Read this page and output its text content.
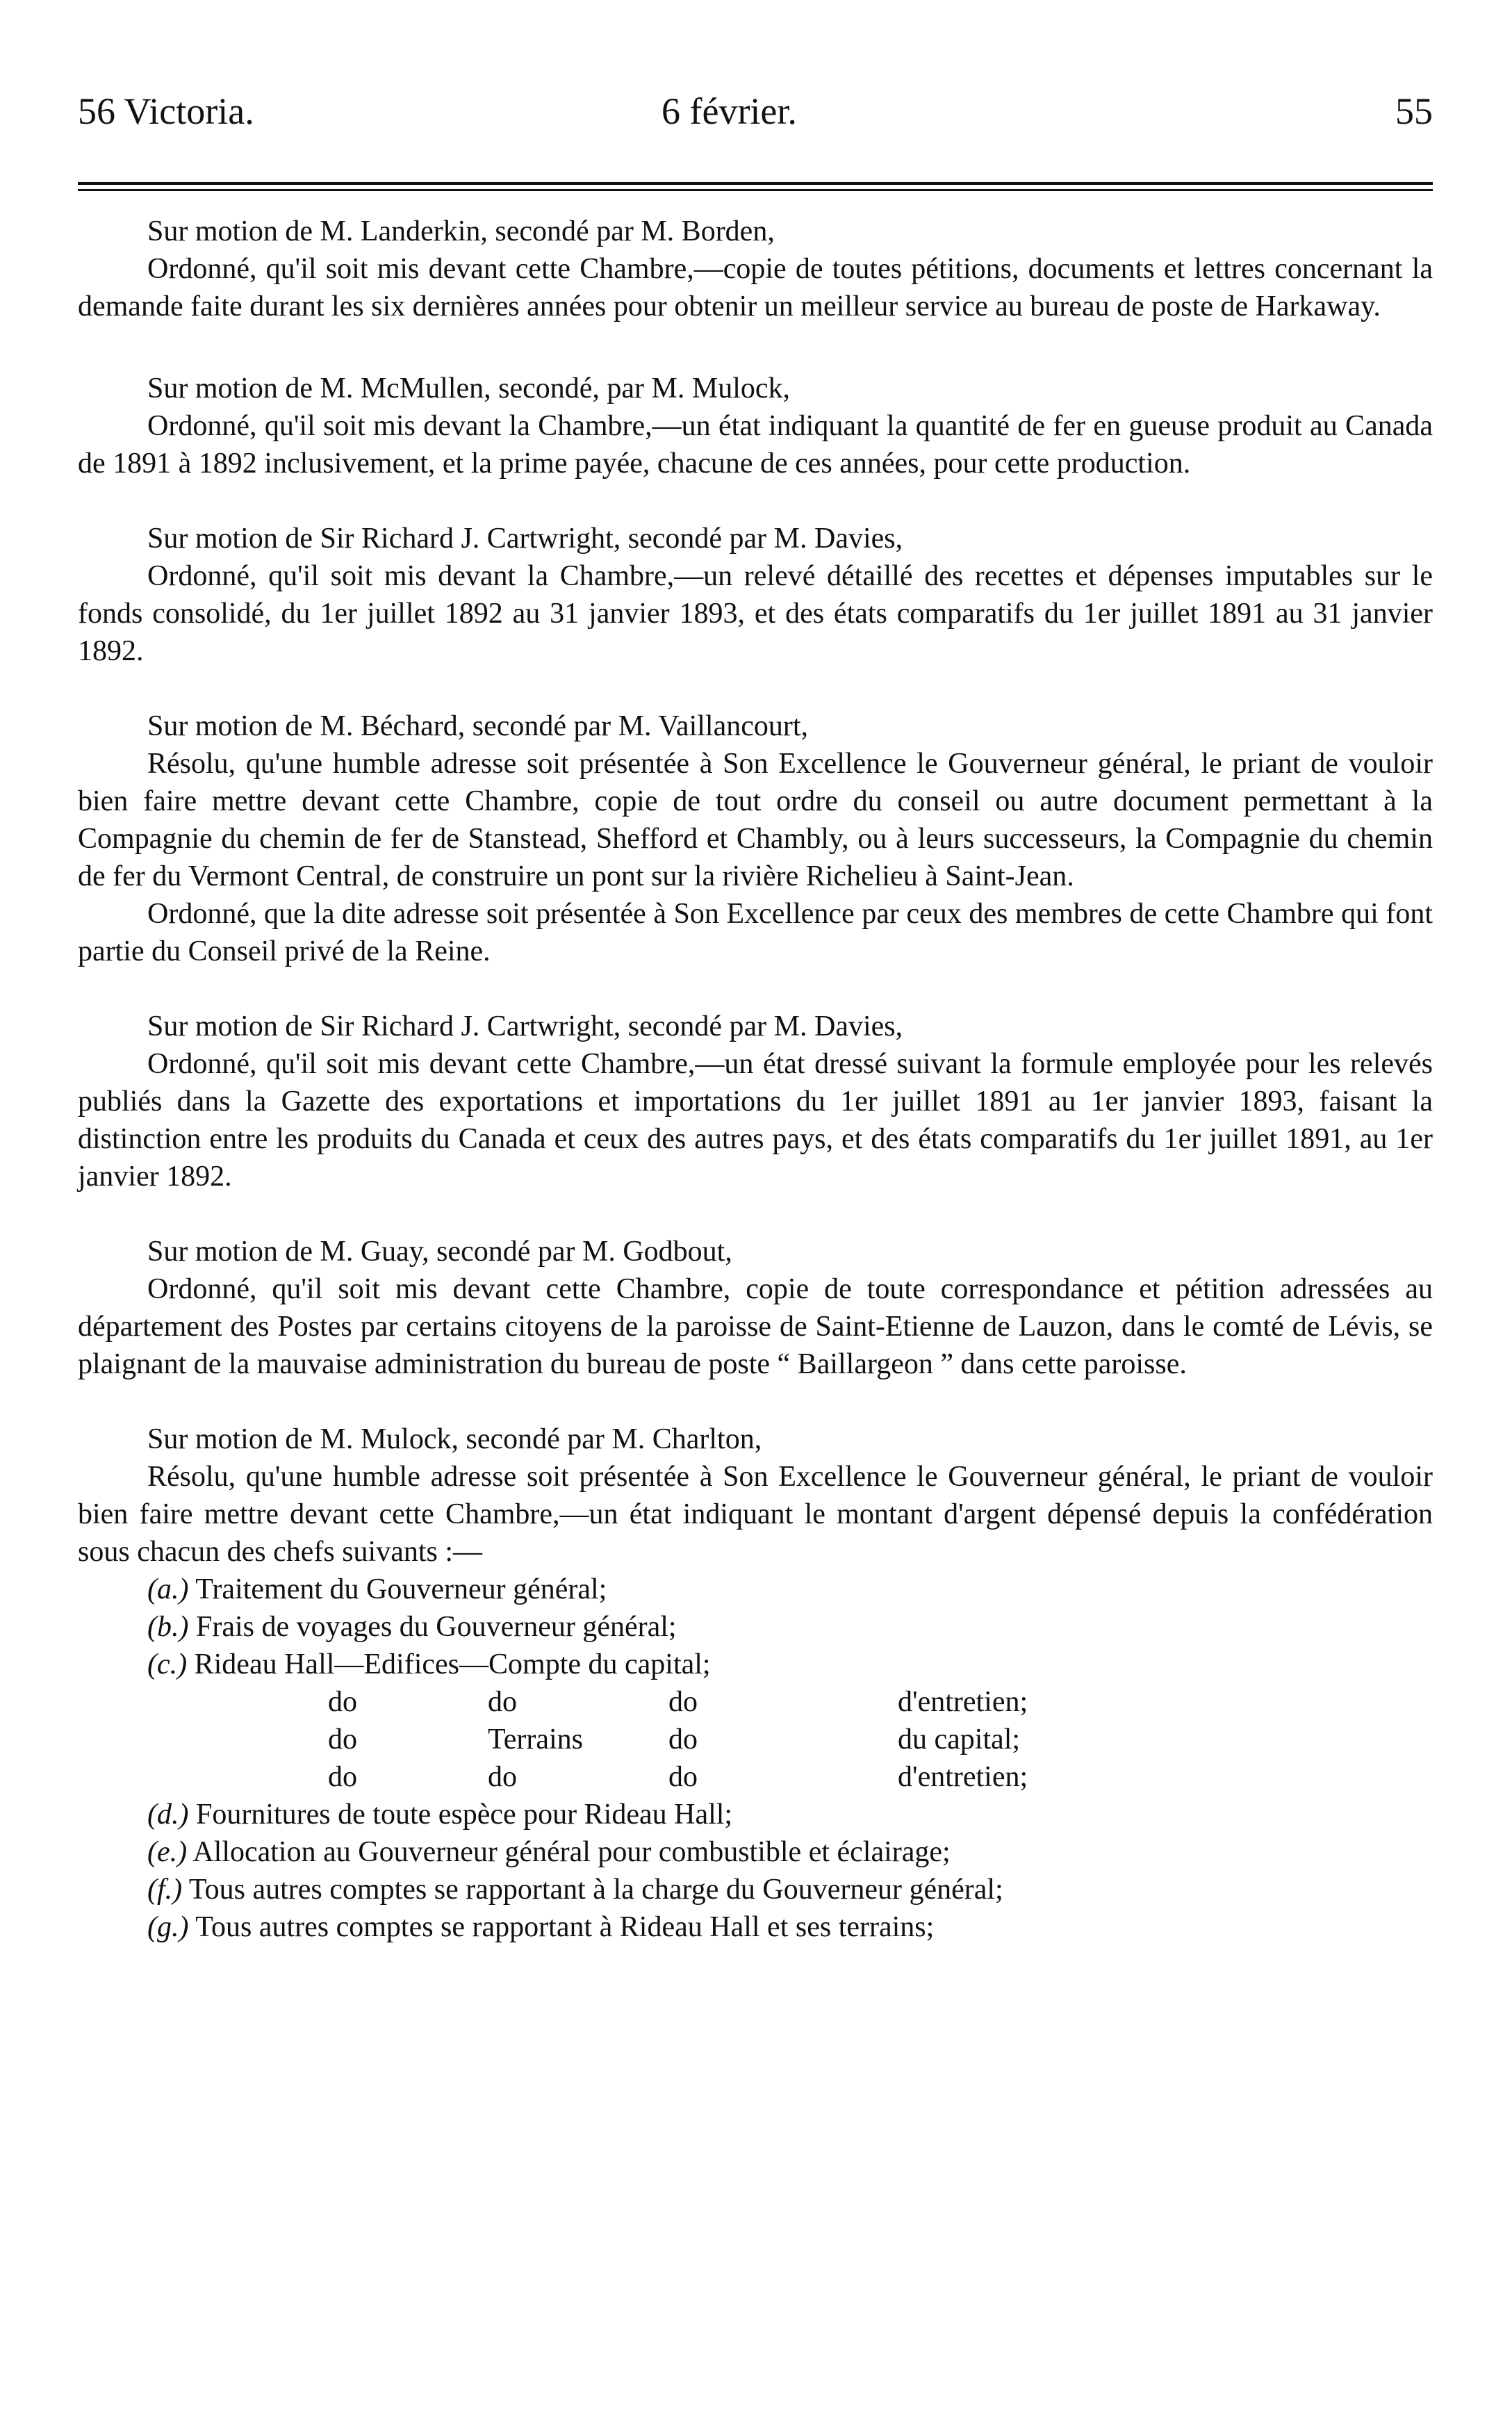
56 Victoria.	6 février.	55

Sur motion de M. Landerkin, secondé par M. Borden,

Ordonné, qu'il soit mis devant cette Chambre,—copie de toutes pétitions, documents et lettres concernant la demande faite durant les six dernières années pour obtenir un meilleur service au bureau de poste de Harkaway.

Sur motion de M. McMullen, secondé, par M. Mulock,

Ordonné, qu'il soit mis devant la Chambre,—un état indiquant la quantité de fer en gueuse produit au Canada de 1891 à 1892 inclusivement, et la prime payée, chacune de ces années, pour cette production.

Sur motion de Sir Richard J. Cartwright, secondé par M. Davies,

Ordonné, qu'il soit mis devant la Chambre,—un relevé détaillé des recettes et dépenses imputables sur le fonds consolidé, du 1er juillet 1892 au 31 janvier 1893, et des états comparatifs du 1er juillet 1891 au 31 janvier 1892.

Sur motion de M. Béchard, secondé par M. Vaillancourt,

Résolu, qu'une humble adresse soit présentée à Son Excellence le Gouverneur général, le priant de vouloir bien faire mettre devant cette Chambre, copie de tout ordre du conseil ou autre document permettant à la Compagnie du chemin de fer de Stanstead, Shefford et Chambly, ou à leurs successeurs, la Compagnie du chemin de fer du Vermont Central, de construire un pont sur la rivière Richelieu à Saint-Jean.

Ordonné, que la dite adresse soit présentée à Son Excellence par ceux des membres de cette Chambre qui font partie du Conseil privé de la Reine.

Sur motion de Sir Richard J. Cartwright, secondé par M. Davies,

Ordonné, qu'il soit mis devant cette Chambre,—un état dressé suivant la formule employée pour les relevés publiés dans la Gazette des exportations et importations du 1er juillet 1891 au 1er janvier 1893, faisant la distinction entre les produits du Canada et ceux des autres pays, et des états comparatifs du 1er juillet 1891, au 1er janvier 1892.

Sur motion de M. Guay, secondé par M. Godbout,

Ordonné, qu'il soit mis devant cette Chambre, copie de toute correspondance et pétition adressées au département des Postes par certains citoyens de la paroisse de Saint-Etienne de Lauzon, dans le comté de Lévis, se plaignant de la mauvaise administration du bureau de poste “ Baillargeon ” dans cette paroisse.

Sur motion de M. Mulock, secondé par M. Charlton,

Résolu, qu'une humble adresse soit présentée à Son Excellence le Gouverneur général, le priant de vouloir bien faire mettre devant cette Chambre,—un état indiquant le montant d'argent dépensé depuis la confédération sous chacun des chefs suivants :—

(a.) Traitement du Gouverneur général;

(b.) Frais de voyages du Gouverneur général;

(c.) Rideau Hall—Edifices—Compte du capital;

do	do	do	d'entretien;
do	Terrains	do	du capital;
do	do	do	d'entretien;

(d.) Fournitures de toute espèce pour Rideau Hall;

(e.) Allocation au Gouverneur général pour combustible et éclairage;

(f.) Tous autres comptes se rapportant à la charge du Gouverneur général;

(g.) Tous autres comptes se rapportant à Rideau Hall et ses terrains;
